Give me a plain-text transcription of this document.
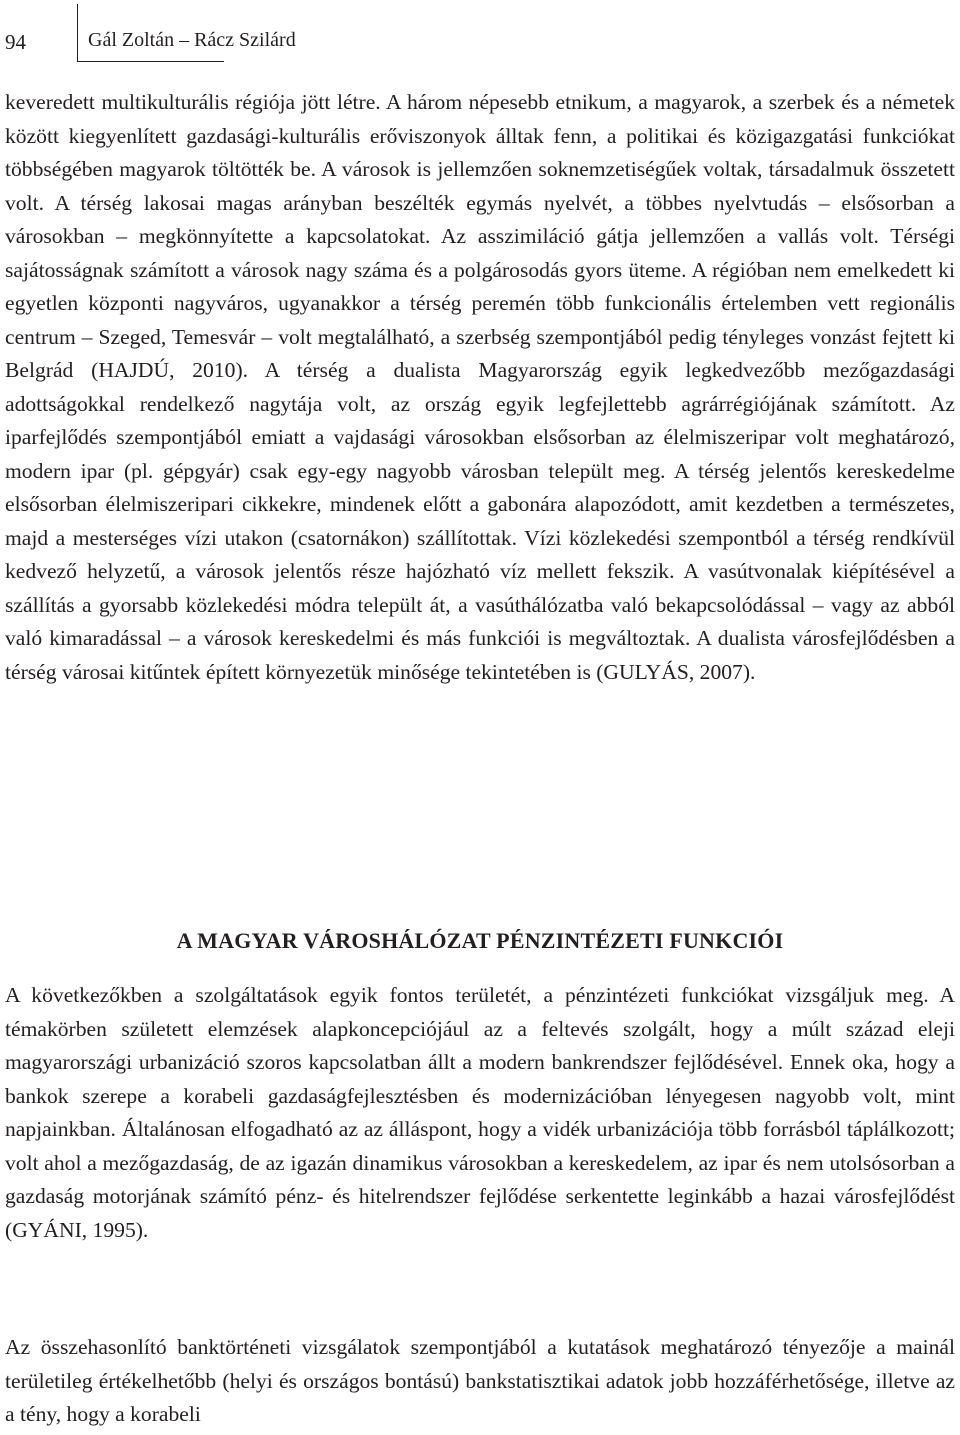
94	Gál Zoltán – Rácz Szilárd

keveredett multikulturális régiója jött létre. A három népesebb etnikum, a magyarok, a szerbek és a németek között kiegyenlített gazdasági-kulturális erőviszonyok álltak fenn, a politikai és közigazgatási funkciókat többségében magyarok töltötték be. A városok is jellemzően soknemzetiségűek voltak, társadalmuk összetett volt. A térség lakosai magas arányban beszélték egymás nyelvét, a többes nyelvtudás – elsősorban a városokban – megkönnyítette a kapcsolatokat. Az asszimiláció gátja jellemzően a vallás volt. Térségi sajátosságnak számított a városok nagy száma és a polgárosodás gyors üteme. A régióban nem emelkedett ki egyetlen központi nagyváros, ugyanakkor a térség peremén több funkcionális értelemben vett regionális centrum – Szeged, Temesvár – volt megtalálható, a szerbség szempontjából pedig tényleges vonzást fejtett ki Belgrád (HAJDÚ, 2010). A térség a dualista Magyarország egyik legkedvezőbb mezőgazdasági adottságokkal rendelkező nagytája volt, az ország egyik legfejlettebb agrárrégiójának számított. Az iparfejlődés szempontjából emiatt a vajdasági városokban elsősorban az élelmiszeripar volt meghatározó, modern ipar (pl. gépgyár) csak egy-egy nagyobb városban települt meg. A térség jelentős kereskedelme elsősorban élelmiszeripari cikkekre, mindenek előtt a gabonára alapozódott, amit kezdetben a természetes, majd a mesterséges vízi utakon (csatornákon) szállítottak. Vízi közlekedési szempontból a térség rendkívül kedvező helyzetű, a városok jelentős része hajózható víz mellett fekszik. A vasútvonalak kiépítésével a szállítás a gyorsabb közlekedési módra települt át, a vasúthálózatba való bekapcsolódással – vagy az abból való kimaradással – a városok kereskedelmi és más funkciói is megváltoztak. A dualista városfejlődésben a térség városai kitűntek épített környezetük minősége tekintetében is (GULYÁS, 2007).

A MAGYAR VÁROSHÁLÓZAT PÉNZINTÉZETI FUNKCIÓI

A következőkben a szolgáltatások egyik fontos területét, a pénzintézeti funkciókat vizsgáljuk meg. A témakörben született elemzések alapkoncepciójául az a feltevés szolgált, hogy a múlt század eleji magyarországi urbanizáció szoros kapcsolatban állt a modern bankrendszer fejlődésével. Ennek oka, hogy a bankok szerepe a korabeli gazdaságfejlesztésben és modernizációban lényegesen nagyobb volt, mint napjainkban. Általánosan elfogadható az az álláspont, hogy a vidék urbanizációja több forrásból táplálkozott; volt ahol a mezőgazdaság, de az igazán dinamikus városokban a kereskedelem, az ipar és nem utolsósorban a gazdaság motorjának számító pénz- és hitelrendszer fejlődése serkentette leginkább a hazai városfejlődést (GYÁNI, 1995).

Az összehasonlító banktörténeti vizsgálatok szempontjából a kutatások meghatározó tényezője a mainál területileg értékelhetőbb (helyi és országos bontású) bankstatisztikai adatok jobb hozzáférhetősége, illetve az a tény, hogy a korabeli
